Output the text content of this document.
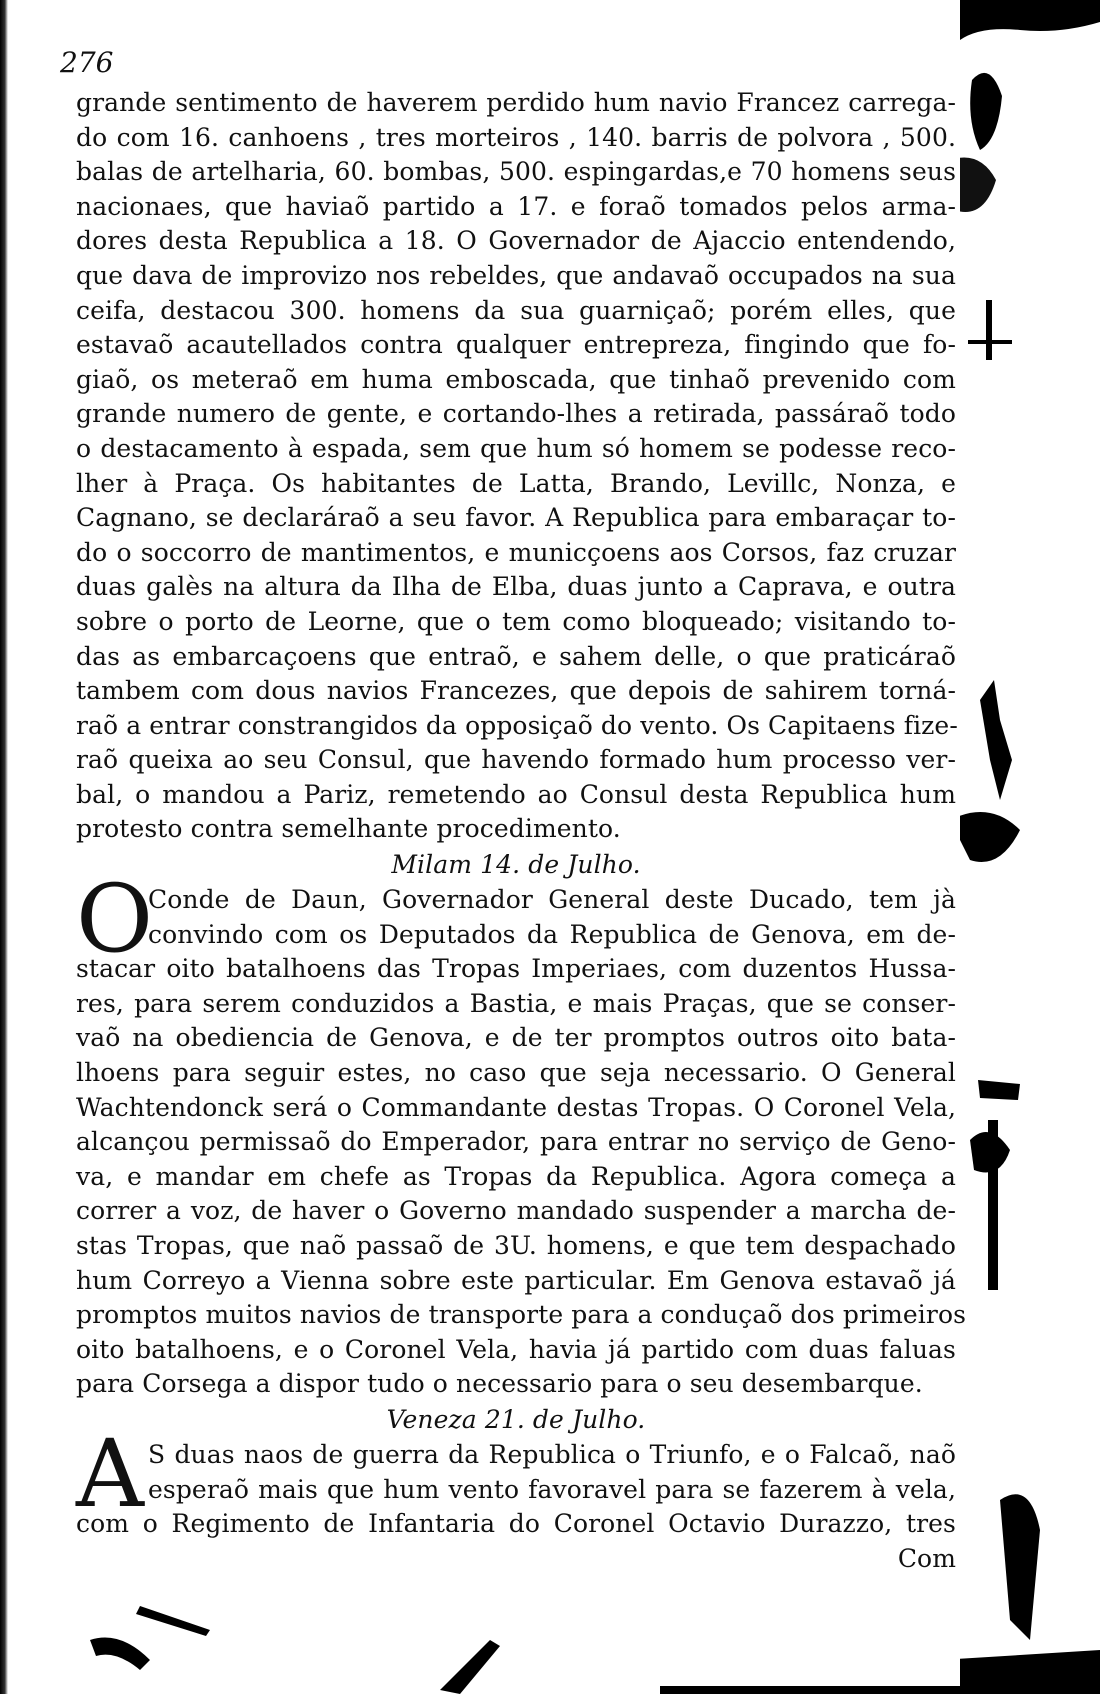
276
grande sentimento de haverem perdido hum navio Francez carrega-
do com 16. canhoens , tres morteiros , 140. barris de polvora , 500.
balas de artelharia, 60. bombas, 500. espingardas,e 70 homens seus
nacionaes, que haviaõ partido a 17. e foraõ tomados pelos arma-
dores desta Republica a 18. O Governador de Ajaccio entendendo,
que dava de improvizo nos rebeldes, que andavaõ occupados na sua
ceifa, destacou 300. homens da sua guarniçaõ; porém elles, que
estavaõ acautellados contra qualquer entrepreza, fingindo que fo-
giaõ, os meteraõ em huma emboscada, que tinhaõ prevenido com
grande numero de gente, e cortando-lhes a retirada, passáraõ todo
o destacamento à espada, sem que hum só homem se podesse reco-
lher à Praça. Os habitantes de Latta, Brando, Levillc, Nonza, e
Cagnano, se declaráraõ a seu favor. A Republica para embaraçar to-
do o soccorro de mantimentos, e municçoens aos Corsos, faz cruzar
duas galès na altura da Ilha de Elba, duas junto a Caprava, e outra
sobre o porto de Leorne, que o tem como bloqueado; visitando to-
das as embarcaçoens que entraõ, e sahem delle, o que praticáraõ
tambem com dous navios Francezes, que depois de sahirem torná-
raõ a entrar constrangidos da opposiçaõ do vento. Os Capitaens fize-
raõ queixa ao seu Consul, que havendo formado hum processo ver-
bal, o mandou a Pariz, remetendo ao Consul desta Republica hum
protesto contra semelhante procedimento.
Milam 14. de Julho.
O
Conde de Daun, Governador General deste Ducado, tem jà
convindo com os Deputados da Republica de Genova, em de-
stacar oito batalhoens das Tropas Imperiaes, com duzentos Hussa-
res, para serem conduzidos a Bastia, e mais Praças, que se conser-
vaõ na obediencia de Genova, e de ter promptos outros oito bata-
lhoens para seguir estes, no caso que seja necessario. O General
Wachtendonck será o Commandante destas Tropas. O Coronel Vela,
alcançou permissaõ do Emperador, para entrar no serviço de Geno-
va, e mandar em chefe as Tropas da Republica. Agora começa a
correr a voz, de haver o Governo mandado suspender a marcha de-
stas Tropas, que naõ passaõ de 3U. homens, e que tem despachado
hum Correyo a Vienna sobre este particular. Em Genova estavaõ já
promptos muitos navios de transporte para a conduçaõ dos primeiros
oito batalhoens, e o Coronel Vela, havia já partido com duas faluas
para Corsega a dispor tudo o necessario para o seu desembarque.
Veneza 21. de Julho.
A S duas naos de guerra da Republica o Triunfo, e o Falcaõ, naõ
esperaõ mais que hum vento favoravel para se fazerem à vela,
com o Regimento de Infantaria do Coronel Octavio Durazzo, tres
Com
